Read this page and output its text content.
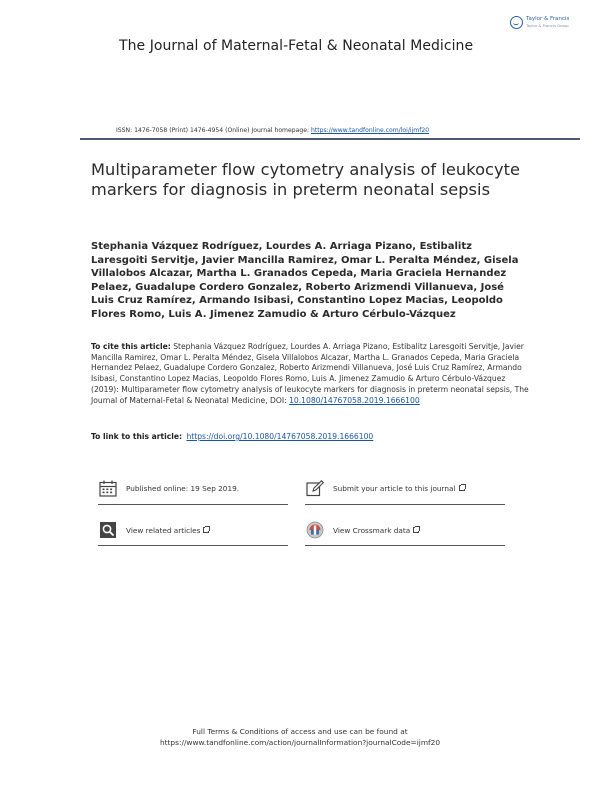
Taylor & Francis
Taylor & Francis Group
The Journal of Maternal-Fetal & Neonatal Medicine
ISSN: 1476-7058 (Print) 1476-4954 (Online) Journal homepage: https://www.tandfonline.com/loi/ijmf20
Multiparameter flow cytometry analysis of leukocyte markers for diagnosis in preterm neonatal sepsis
Stephania Vázquez Rodríguez, Lourdes A. Arriaga Pizano, Estibalitz Laresgoiti Servitje, Javier Mancilla Ramirez, Omar L. Peralta Méndez, Gisela Villalobos Alcazar, Martha L. Granados Cepeda, Maria Graciela Hernandez Pelaez, Guadalupe Cordero Gonzalez, Roberto Arizmendi Villanueva, José Luis Cruz Ramírez, Armando Isibasi, Constantino Lopez Macias, Leopoldo Flores Romo, Luis A. Jimenez Zamudio & Arturo Cérbulo-Vázquez
To cite this article: Stephania Vázquez Rodríguez, Lourdes A. Arriaga Pizano, Estibalitz Laresgoiti Servitje, Javier Mancilla Ramirez, Omar L. Peralta Méndez, Gisela Villalobos Alcazar, Martha L. Granados Cepeda, Maria Graciela Hernandez Pelaez, Guadalupe Cordero Gonzalez, Roberto Arizmendi Villanueva, José Luis Cruz Ramírez, Armando Isibasi, Constantino Lopez Macias, Leopoldo Flores Romo, Luis A. Jimenez Zamudio & Arturo Cérbulo-Vázquez (2019): Multiparameter flow cytometry analysis of leukocyte markers for diagnosis in preterm neonatal sepsis, The Journal of Maternal-Fetal & Neonatal Medicine, DOI: 10.1080/14767058.2019.1666100
To link to this article: https://doi.org/10.1080/14767058.2019.1666100
Published online: 19 Sep 2019.	Submit your article to this journal
View related articles	View Crossmark data
Full Terms & Conditions of access and use can be found at
https://www.tandfonline.com/action/journalInformation?journalCode=ijmf20
